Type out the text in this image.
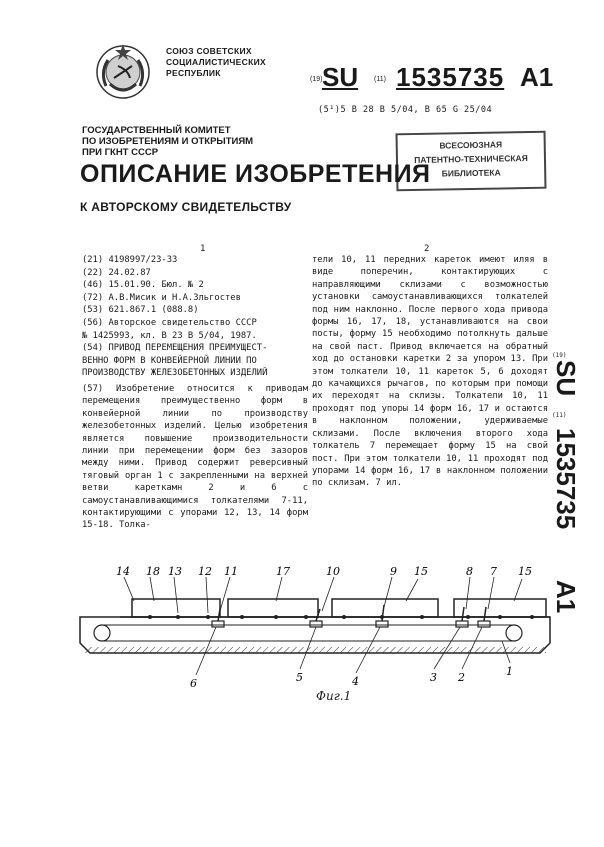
СОЮЗ СОВЕТСКИХ
СОЦИАЛИСТИЧЕСКИХ
РЕСПУБЛИК
(19) SU (11) 1535735 A1
(5¹)5 В 28 В 5/04, В 65 G 25/04
ГОСУДАРСТВЕННЫЙ КОМИТЕТ
ПО ИЗОБРЕТЕНИЯМ И ОТКРЫТИЯМ
ПРИ ГКНТ СССР
ВСЕСОЮЗНАЯ
ПАТЕНТНО-ТЕХНИЧЕСКАЯ
БИБЛИОТЕКА
ОПИСАНИЕ ИЗОБРЕТЕНИЯ
К АВТОРСКОМУ СВИДЕТЕЛЬСТВУ
1	2
(21) 4198997/23-33
(22) 24.02.87
(46) 15.01.90. Бюл. № 2
(72) А.В.Мисик и Н.А.Зльгостев
(53) 621.867.1 (088.8)
(56) Авторское свидетельство СССР
№ 1425993, кл. В 23 В 5/04, 1987.
(54) ПРИВОД ПЕРЕМЕЩЕНИЯ ПРЕИМУЩЕСТ-
ВЕННО ФОРМ В КОНВЕЙЕРНОЙ ЛИНИИ ПО
ПРОИЗВОДСТВУ ЖЕЛЕЗОБЕТОННЫХ ИЗДЕЛИЙ
(57) Изобретение относится к приводам перемещения преимущественно форм в конвейерной линии по производству железобетонных изделий. Целью изобретения является повышение производительности линии при перемещении форм без зазоров между ними. Привод содержит реверсивный тяговый орган 1 с закрепленными на верхней ветви кареткамн 2 и 6 с самоустанавливающимися толкателями 7-11, контактирующими с упорами 12, 13, 14 форм 15-18. Толка-
тели 10, 11 передних кареток имеют иляя в виде поперечин, контактирующих с направляющими склизами с возможностью установки самоустанавливающихся толкателей под ним наклонно. После первого хода привода формы 16, 17, 18, устанавливаются на свои посты, форму 15 необходимо потолкнуть дальше на свой паст. Привод включается на обратный ход до остановки каретки 2 за упором 13. При этом толкатели 10, 11 кареток 5, 6 доходят до качающихся рычагов, по которым при помощи их переходят на склизы. Толкатели 10, 11 проходят под упоры 14 форм 16, 17 и остаются в наклонном положении, удерживаемые склизами. После включения второго хода толкатель 7 перемещает форму 15 на свой пост. При этом толкатели 10, 11 проходят под упорами 14 форм 16, 17 в наклонном положении по склизам. 7 ил.
(19)
SU
(11)
1535735
A1
14 18 13 12 11	17	10	9 15	8 7 15
6	5	4	3 2	1
Фиг.1
